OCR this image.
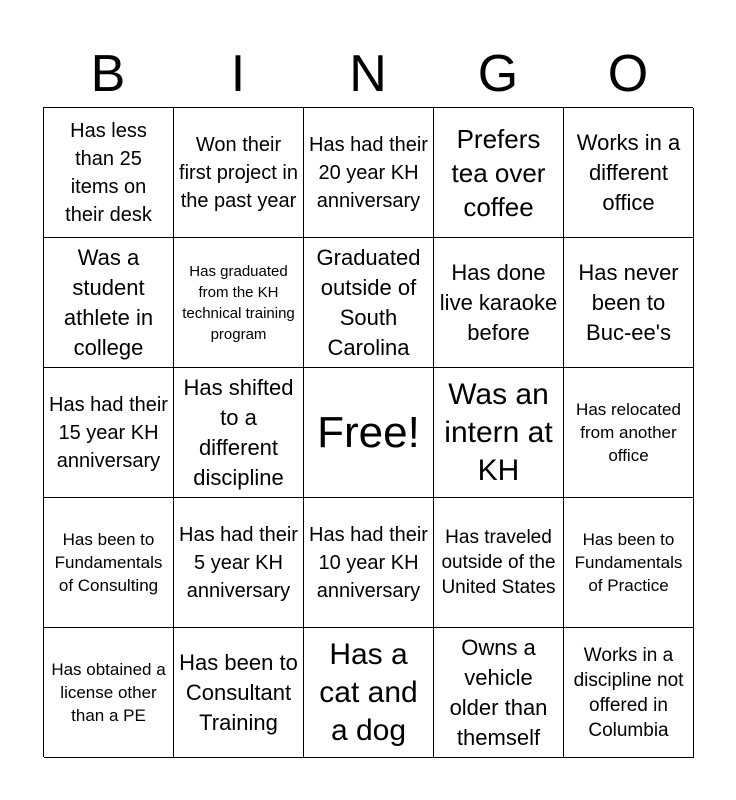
B	I	N	G	O
Has less than 25 items on their desk
Won their first project in the past year
Has had their 20 year KH anniversary
Prefers tea over coffee
Works in a different office
Was a student athlete in college
Has graduated from the KH technical training program
Graduated outside of South Carolina
Has done live karaoke before
Has never been to Buc-ee's
Has had their 15 year KH anniversary
Has shifted to a different discipline
Free!
Was an intern at KH
Has relocated from another office
Has been to Fundamentals of Consulting
Has had their 5 year KH anniversary
Has had their 10 year KH anniversary
Has traveled outside of the United States
Has been to Fundamentals of Practice
Has obtained a license other than a PE
Has been to Consultant Training
Has a cat and a dog
Owns a vehicle older than themself
Works in a discipline not offered in Columbia
